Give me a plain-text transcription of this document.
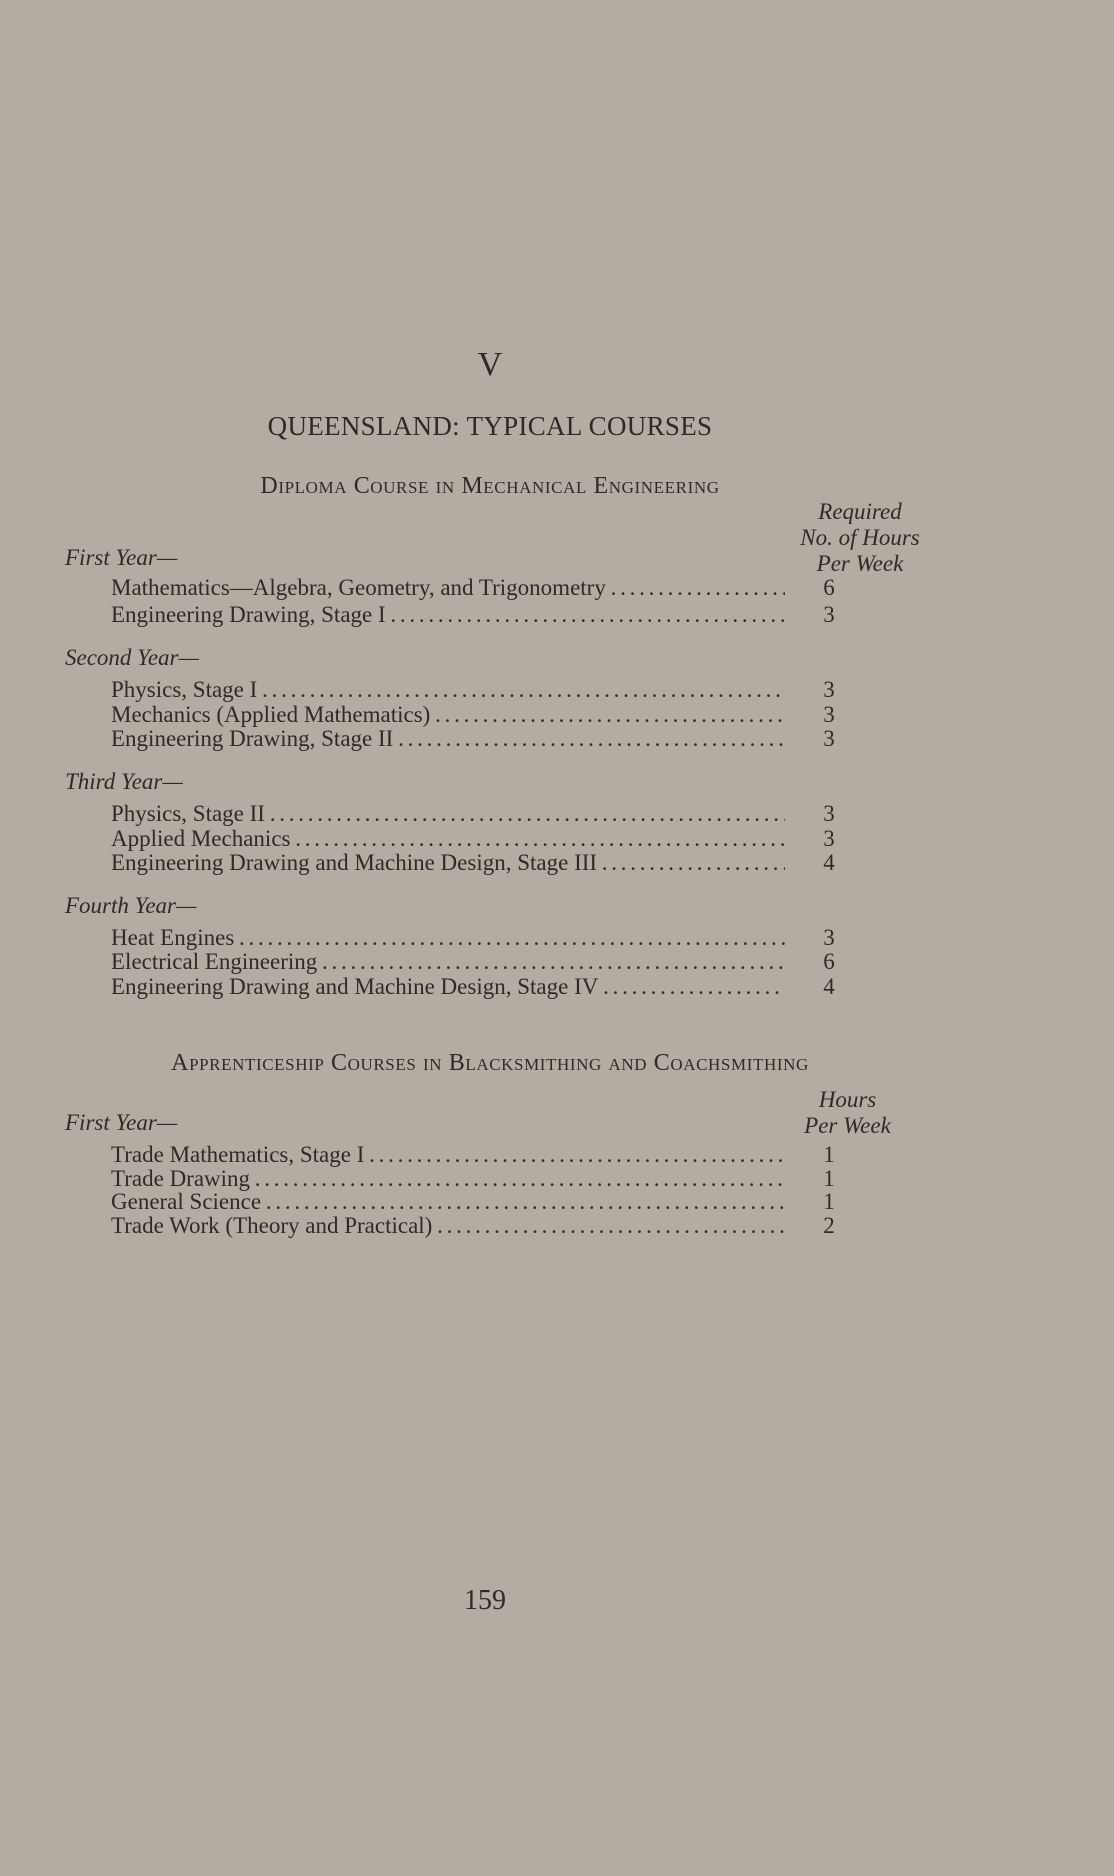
V
QUEENSLAND: TYPICAL COURSES
Diploma Course in Mechanical Engineering
Required
No. of Hours
Per Week
First Year—
Mathematics—Algebra, Geometry, and Trigonometry . . .	6
Engineering Drawing, Stage I . . .	3
Second Year—
Physics, Stage I . . .	3
Mechanics (Applied Mathematics) . . .	3
Engineering Drawing, Stage II . . .	3
Third Year—
Physics, Stage II . . .	3
Applied Mechanics . . .	3
Engineering Drawing and Machine Design, Stage III . . .	4
Fourth Year—
Heat Engines . . .	3
Electrical Engineering . . .	6
Engineering Drawing and Machine Design, Stage IV . . .	4
Apprenticeship Courses in Blacksmithing and Coachsmithing
Hours
Per Week
First Year—
Trade Mathematics, Stage I . . .	1
Trade Drawing . . .	1
General Science . . .	1
Trade Work (Theory and Practical) . . .	2
159
